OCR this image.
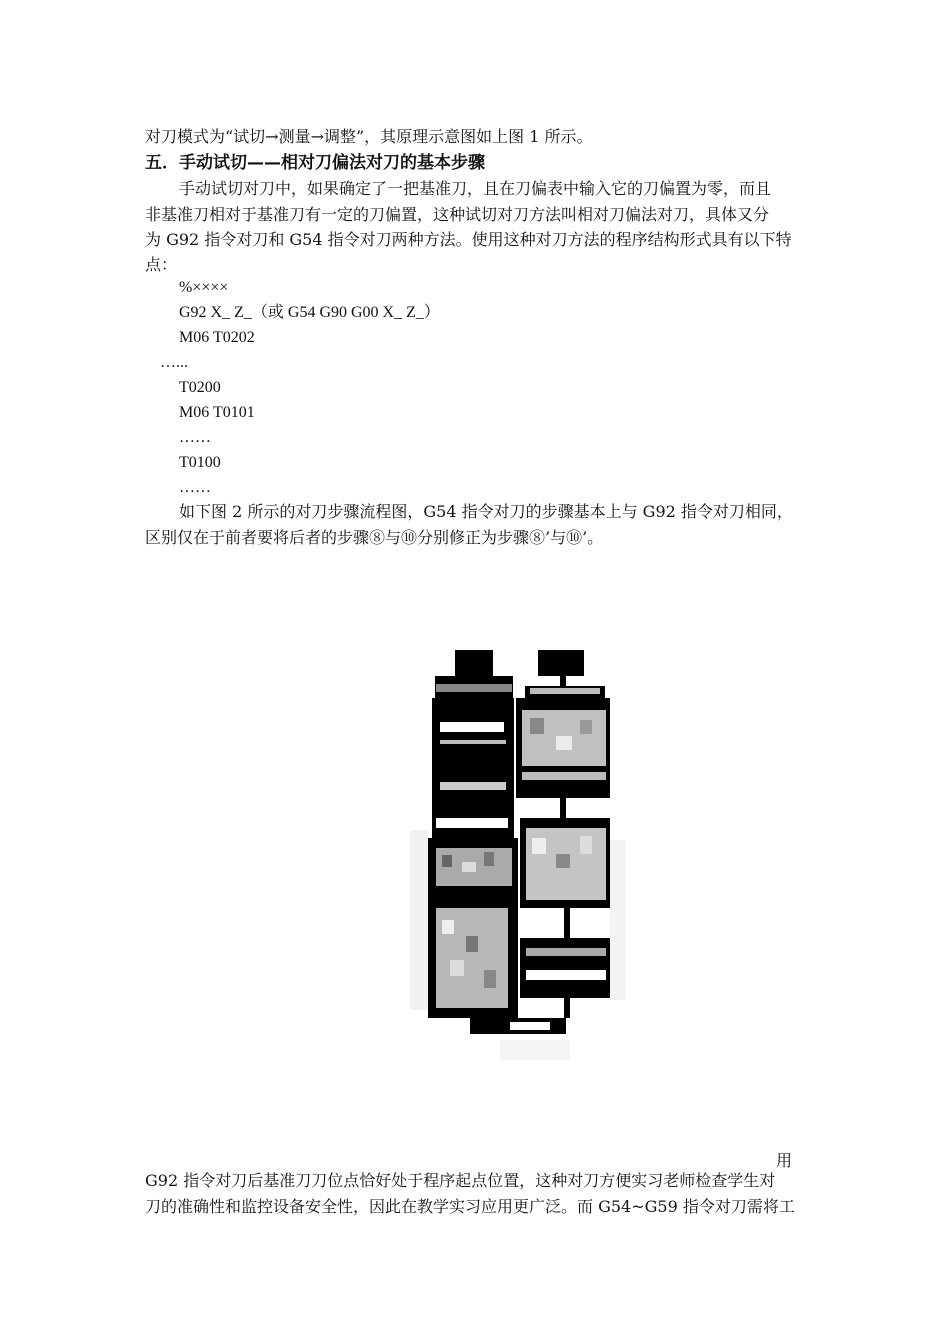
对刀模式为“试切→测量→调整”，其原理示意图如上图 1 所示。
五．手动试切——相对刀偏法对刀的基本步骤
手动试切对刀中，如果确定了一把基准刀，且在刀偏表中输入它的刀偏置为零，而且
非基准刀相对于基准刀有一定的刀偏置，这种试切对刀方法叫相对刀偏法对刀，具体又分
为 G92 指令对刀和 G54 指令对刀两种方法。使用这种对刀方法的程序结构形式具有以下特
点：
%××××
G92 X_ Z_（或 G54 G90 G00 X_ Z_）
M06 T0202
…...
T0200
M06 T0101
……
T0100
……
如下图 2 所示的对刀步骤流程图，G54 指令对刀的步骤基本上与 G92 指令对刀相同，
区别仅在于前者要将后者的步骤⑧与⑩分别修正为步骤⑧’与⑩’。
用
G92 指令对刀后基准刀刀位点恰好处于程序起点位置，这种对刀方便实习老师检查学生对
刀的准确性和监控设备安全性，因此在教学实习应用更广泛。而 G54~G59 指令对刀需将工
